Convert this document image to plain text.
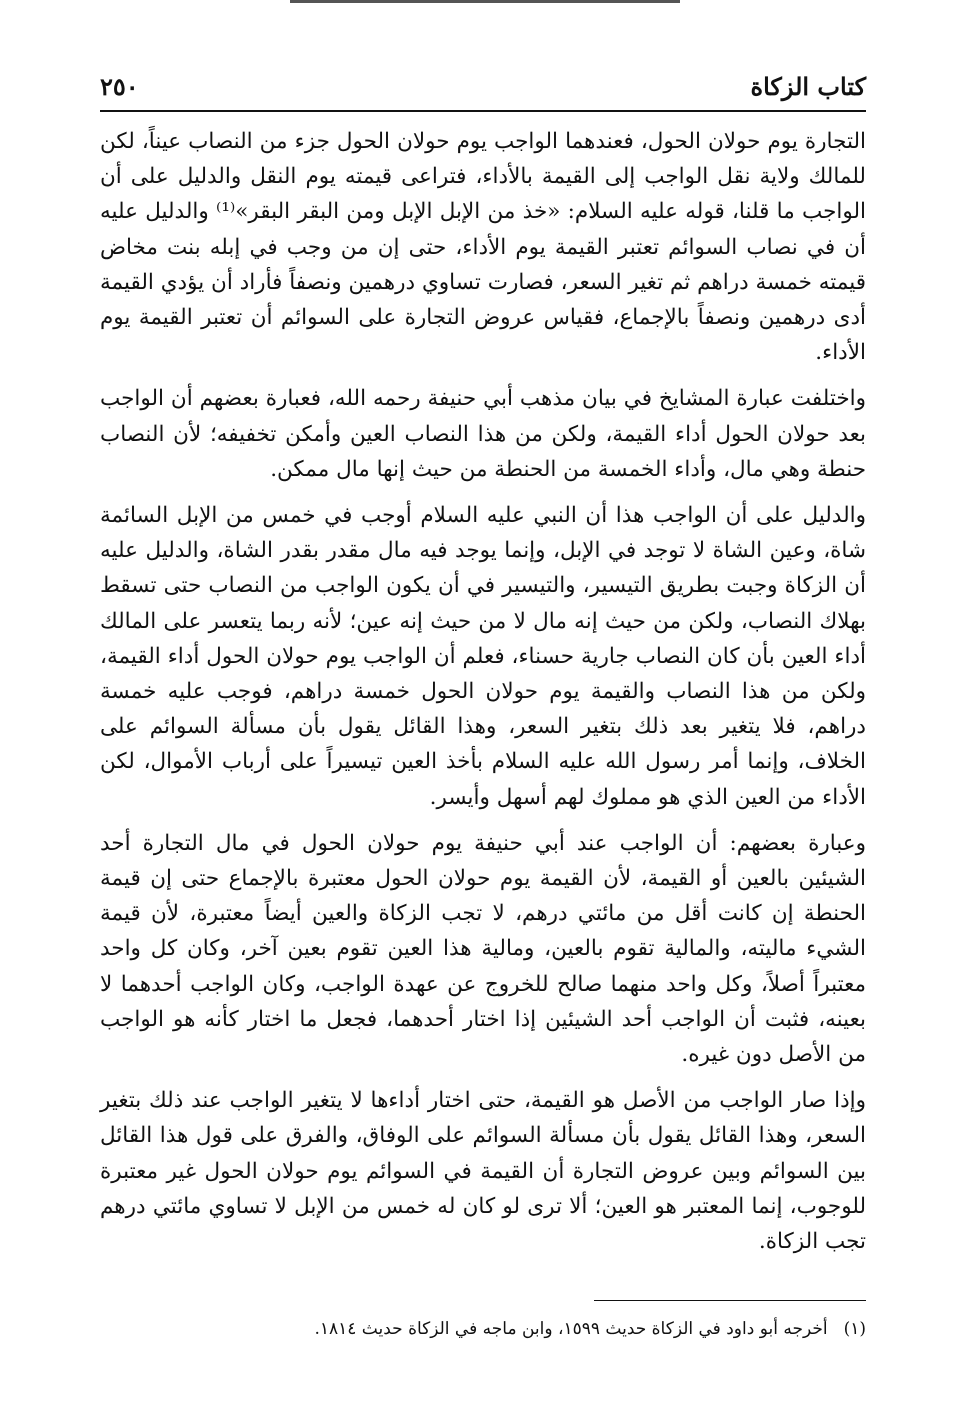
كتاب الزكاة
٢٥٠

التجارة يوم حولان الحول، فعندهما الواجب يوم حولان الحول جزء من النصاب عيناً، لكن للمالك ولاية نقل الواجب إلى القيمة بالأداء، فتراعى قيمته يوم النقل والدليل على أن الواجب ما قلنا، قوله عليه السلام: «خذ من الإبل الإبل ومن البقر البقر»⁽¹⁾ والدليل عليه أن في نصاب السوائم تعتبر القيمة يوم الأداء، حتى إن من وجب في إبله بنت مخاض قيمته خمسة دراهم ثم تغير السعر، فصارت تساوي درهمين ونصفاً فأراد أن يؤدي القيمة أدى درهمين ونصفاً بالإجماع، فقياس عروض التجارة على السوائم أن تعتبر القيمة يوم الأداء.

واختلفت عبارة المشايخ في بيان مذهب أبي حنيفة رحمه الله، فعبارة بعضهم أن الواجب بعد حولان الحول أداء القيمة، ولكن من هذا النصاب العين وأمكن تخفيفه؛ لأن النصاب حنطة وهي مال، وأداء الخمسة من الحنطة من حيث إنها مال ممكن.

والدليل على أن الواجب هذا أن النبي عليه السلام أوجب في خمس من الإبل السائمة شاة، وعين الشاة لا توجد في الإبل، وإنما يوجد فيه مال مقدر بقدر الشاة، والدليل عليه أن الزكاة وجبت بطريق التيسير، والتيسير في أن يكون الواجب من النصاب حتى تسقط بهلاك النصاب، ولكن من حيث إنه مال لا من حيث إنه عين؛ لأنه ربما يتعسر على المالك أداء العين بأن كان النصاب جارية حسناء، فعلم أن الواجب يوم حولان الحول أداء القيمة، ولكن من هذا النصاب والقيمة يوم حولان الحول خمسة دراهم، فوجب عليه خمسة دراهم، فلا يتغير بعد ذلك بتغير السعر، وهذا القائل يقول بأن مسألة السوائم على الخلاف، وإنما أمر رسول الله عليه السلام بأخذ العين تيسيراً على أرباب الأموال، لكن الأداء من العين الذي هو مملوك لهم أسهل وأيسر.

وعبارة بعضهم: أن الواجب عند أبي حنيفة يوم حولان الحول في مال التجارة أحد الشيئين بالعين أو القيمة، لأن القيمة يوم حولان الحول معتبرة بالإجماع حتى إن قيمة الحنطة إن كانت أقل من مائتي درهم، لا تجب الزكاة والعين أيضاً معتبرة، لأن قيمة الشيء ماليته، والمالية تقوم بالعين، ومالية هذا العين تقوم بعين آخر، وكان كل واحد معتبراً أصلاً، وكل واحد منهما صالح للخروج عن عهدة الواجب، وكان الواجب أحدهما لا بعينه، فثبت أن الواجب أحد الشيئين إذا اختار أحدهما، فجعل ما اختار كأنه هو الواجب من الأصل دون غيره.

وإذا صار الواجب من الأصل هو القيمة، حتى اختار أداءها لا يتغير الواجب عند ذلك بتغير السعر، وهذا القائل يقول بأن مسألة السوائم على الوفاق، والفرق على قول هذا القائل بين السوائم وبين عروض التجارة أن القيمة في السوائم يوم حولان الحول غير معتبرة للوجوب، إنما المعتبر هو العين؛ ألا ترى لو كان له خمس من الإبل لا تساوي مائتي درهم تجب الزكاة.

(١)أخرجه أبو داود في الزكاة حديث ١٥٩٩، وابن ماجه في الزكاة حديث ١٨١٤.
